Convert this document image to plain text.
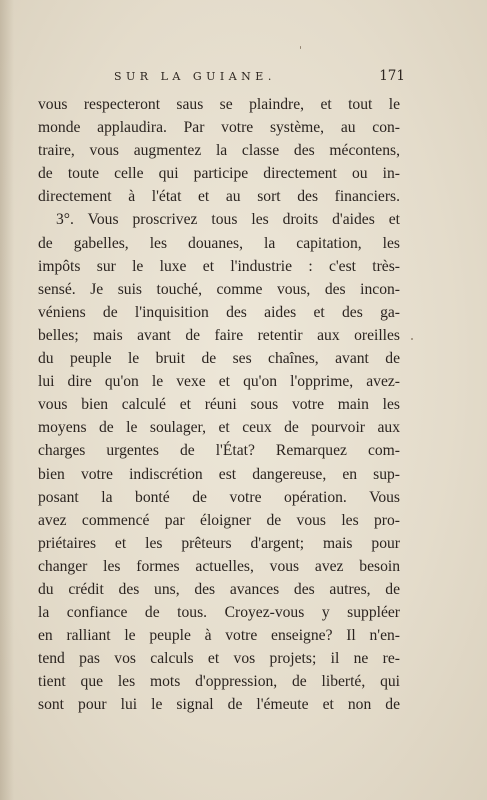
SUR LA GUIANE.	171
vous respecteront saus se plaindre, et tout le
monde applaudira. Par votre système, au con-
traire, vous augmentez la classe des mécontens,
de toute celle qui participe directement ou in-
directement à l'état et au sort des financiers.
3°. Vous proscrivez tous les droits d'aides et
de gabelles, les douanes, la capitation, les
impôts sur le luxe et l'industrie : c'est très-
sensé. Je suis touché, comme vous, des incon-
véniens de l'inquisition des aides et des ga-
belles; mais avant de faire retentir aux oreilles
du peuple le bruit de ses chaînes, avant de
lui dire qu'on le vexe et qu'on l'opprime, avez-
vous bien calculé et réuni sous votre main les
moyens de le soulager, et ceux de pourvoir aux
charges urgentes de l'État? Remarquez com-
bien votre indiscrétion est dangereuse, en sup-
posant la bonté de votre opération. Vous
avez commencé par éloigner de vous les pro-
priétaires et les prêteurs d'argent; mais pour
changer les formes actuelles, vous avez besoin
du crédit des uns, des avances des autres, de
la confiance de tous. Croyez-vous y suppléer
en ralliant le peuple à votre enseigne? Il n'en-
tend pas vos calculs et vos projets; il ne re-
tient que les mots d'oppression, de liberté, qui
sont pour lui le signal de l'émeute et non de
